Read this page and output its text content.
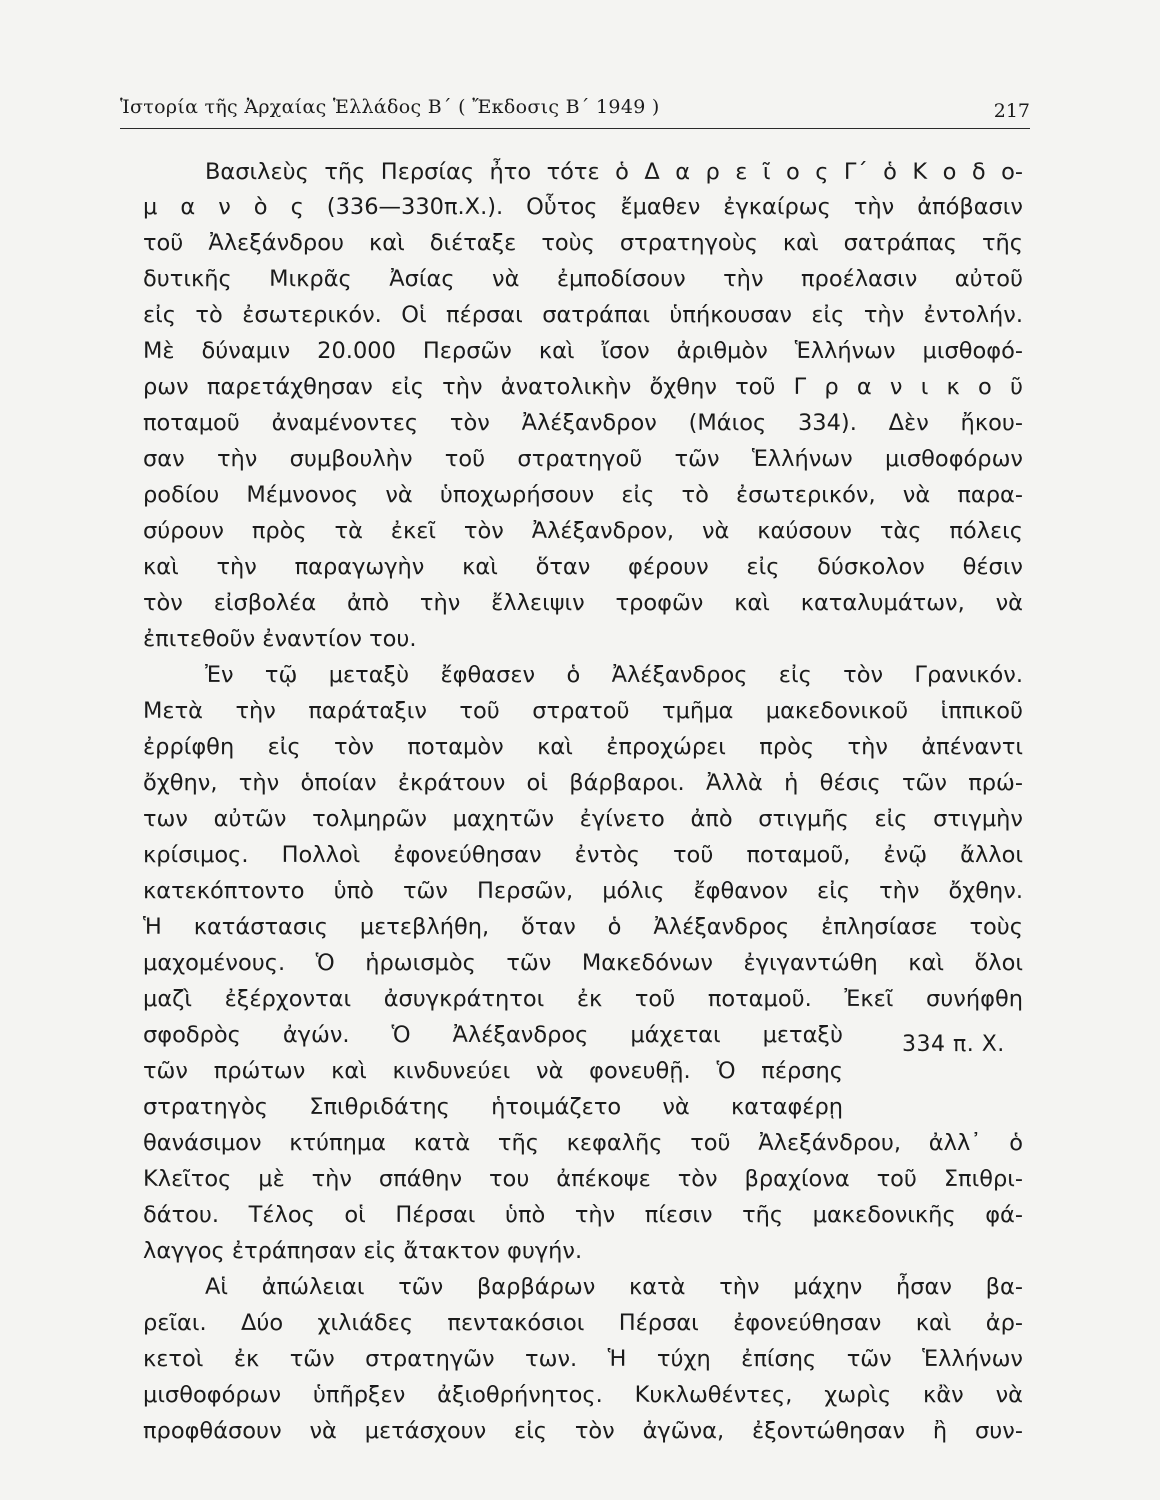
Ἱστορία τῆς Ἀρχαίας Ἑλλάδος Β΄ ( Ἔκδοσις Β΄ 1949 )	217
Βασιλεὺς τῆς Περσίας ἦτο τότε ὁ Δ α ρ ε ῖ ο ς Γ΄ ὁ Κ ο δ ο-
μ α ν ὸ ς (336—330π.Χ.). Οὗτος ἔμαθεν ἐγκαίρως τὴν ἀπόβασιν
τοῦ Ἀλεξάνδρου καὶ διέταξε τοὺς στρατηγοὺς καὶ σατράπας τῆς
δυτικῆς Μικρᾶς Ἀσίας νὰ ἐμποδίσουν τὴν προέλασιν αὐτοῦ
εἰς τὸ ἐσωτερικόν. Οἱ πέρσαι σατράπαι ὑπήκουσαν εἰς τὴν ἐντολήν.
Μὲ δύναμιν 20.000 Περσῶν καὶ ἴσον ἀριθμὸν Ἑλλήνων μισθοφό-
ρων παρετάχθησαν εἰς τὴν ἀνατολικὴν ὄχθην τοῦ Γ ρ α ν ι κ ο ῦ
ποταμοῦ ἀναμένοντες τὸν Ἀλέξανδρον (Μάιος 334). Δὲν ἤκου-
σαν τὴν συμβουλὴν τοῦ στρατηγοῦ τῶν Ἑλλήνων μισθοφόρων
ροδίου Μέμνονος νὰ ὑποχωρήσουν εἰς τὸ ἐσωτερικόν, νὰ παρα-
σύρουν πρὸς τὰ ἐκεῖ τὸν Ἀλέξανδρον, νὰ καύσουν τὰς πόλεις
καὶ τὴν παραγωγὴν καὶ ὅταν φέρουν εἰς δύσκολον θέσιν
τὸν εἰσβολέα ἀπὸ τὴν ἔλλειψιν τροφῶν καὶ καταλυμάτων, νὰ
ἐπιτεθοῦν ἐναντίον του.
Ἐν τῷ μεταξὺ ἔφθασεν ὁ Ἀλέξανδρος εἰς τὸν Γρανικόν.
Μετὰ τὴν παράταξιν τοῦ στρατοῦ τμῆμα μακεδονικοῦ ἱππικοῦ
ἐρρίφθη εἰς τὸν ποταμὸν καὶ ἐπροχώρει πρὸς τὴν ἀπέναντι
ὄχθην, τὴν ὁποίαν ἐκράτουν οἱ βάρβαροι. Ἀλλὰ ἡ θέσις τῶν πρώ-
των αὐτῶν τολμηρῶν μαχητῶν ἐγίνετο ἀπὸ στιγμῆς εἰς στιγμὴν
κρίσιμος. Πολλοὶ ἐφονεύθησαν ἐντὸς τοῦ ποταμοῦ, ἐνῷ ἄλλοι
κατεκόπτοντο ὑπὸ τῶν Περσῶν, μόλις ἔφθανον εἰς τὴν ὄχθην.
Ἡ κατάστασις μετεβλήθη, ὅταν ὁ Ἀλέξανδρος ἐπλησίασε τοὺς
μαχομένους. Ὁ ἡρωισμὸς τῶν Μακεδόνων ἐγιγαντώθη καὶ ὅλοι
μαζὶ ἐξέρχονται ἀσυγκράτητοι ἐκ τοῦ ποταμοῦ. Ἐκεῖ συνήφθη
σφοδρὸς ἀγών. Ὁ Ἀλέξανδρος μάχεται μεταξὺ
τῶν πρώτων καὶ κινδυνεύει νὰ φονευθῇ. Ὁ πέρσης
στρατηγὸς Σπιθριδάτης ἡτοιμάζετο νὰ καταφέρῃ
θανάσιμον κτύπημα κατὰ τῆς κεφαλῆς τοῦ Ἀλεξάνδρου, ἀλλ᾽ ὁ
Κλεῖτος μὲ τὴν σπάθην του ἀπέκοψε τὸν βραχίονα τοῦ Σπιθρι-
δάτου. Τέλος οἱ Πέρσαι ὑπὸ τὴν πίεσιν τῆς μακεδονικῆς φά-
λαγγος ἐτράπησαν εἰς ἄτακτον φυγήν.
Αἱ ἀπώλειαι τῶν βαρβάρων κατὰ τὴν μάχην ἦσαν βα-
ρεῖαι. Δύο χιλιάδες πεντακόσιοι Πέρσαι ἐφονεύθησαν καὶ ἀρ-
κετοὶ ἐκ τῶν στρατηγῶν των. Ἡ τύχη ἐπίσης τῶν Ἑλλήνων
μισθοφόρων ὑπῆρξεν ἀξιοθρήνητος. Κυκλωθέντες, χωρὶς κἂν νὰ
προφθάσουν νὰ μετάσχουν εἰς τὸν ἀγῶνα, ἐξοντώθησαν ἢ συν-
334 π. Χ.
